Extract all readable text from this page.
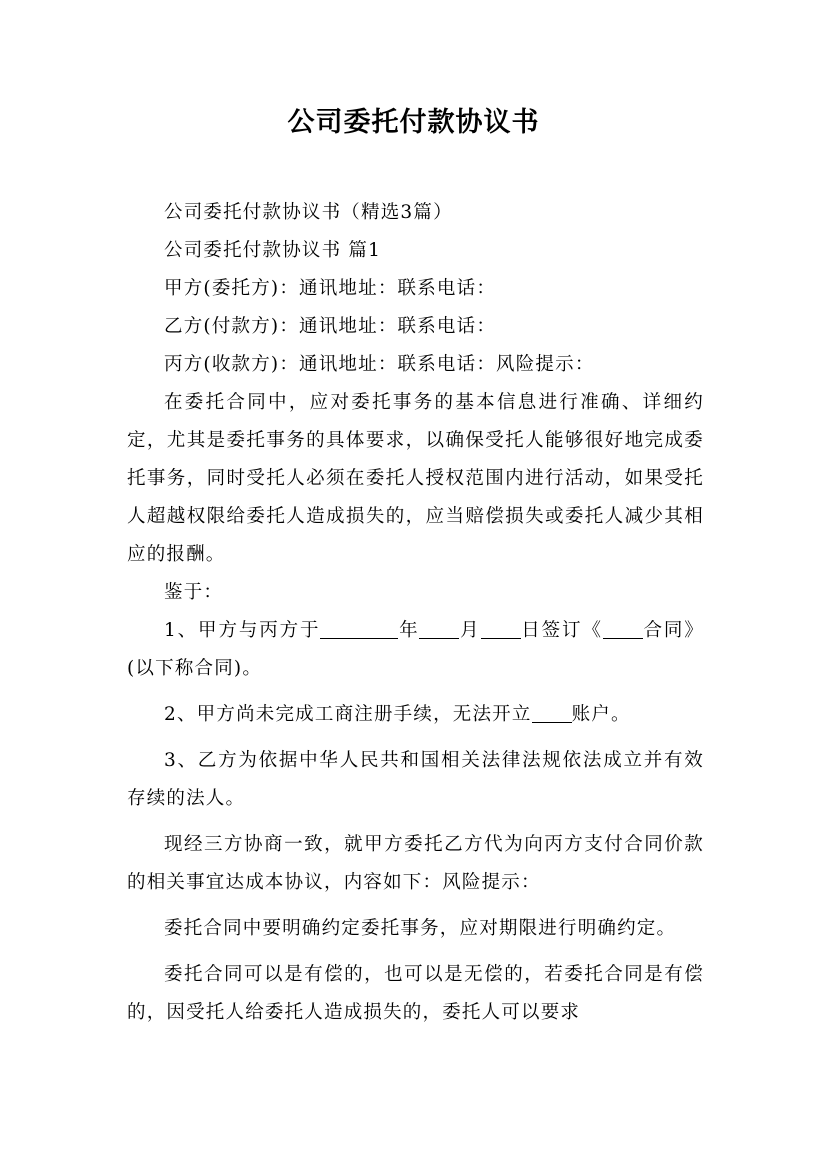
公司委托付款协议书

公司委托付款协议书（精选3篇）

公司委托付款协议书 篇1

甲方(委托方)：通讯地址：联系电话：

乙方(付款方)：通讯地址：联系电话：

丙方(收款方)：通讯地址：联系电话：风险提示：

在委托合同中，应对委托事务的基本信息进行准确、详细约定，尤其是委托事务的具体要求，以确保受托人能够很好地完成委托事务，同时受托人必须在委托人授权范围内进行活动，如果受托人超越权限给委托人造成损失的，应当赔偿损失或委托人减少其相应的报酬。

鉴于：

1、甲方与丙方于	年 月 日签订《 合同》(以下称合同)。

2、甲方尚未完成工商注册手续，无法开立 账户。

3、乙方为依据中华人民共和国相关法律法规依法成立并有效存续的法人。

现经三方协商一致，就甲方委托乙方代为向丙方支付合同价款的相关事宜达成本协议，内容如下：风险提示：

委托合同中要明确约定委托事务，应对期限进行明确约定。

委托合同可以是有偿的，也可以是无偿的，若委托合同是有偿的，因受托人给委托人造成损失的，委托人可以要求
